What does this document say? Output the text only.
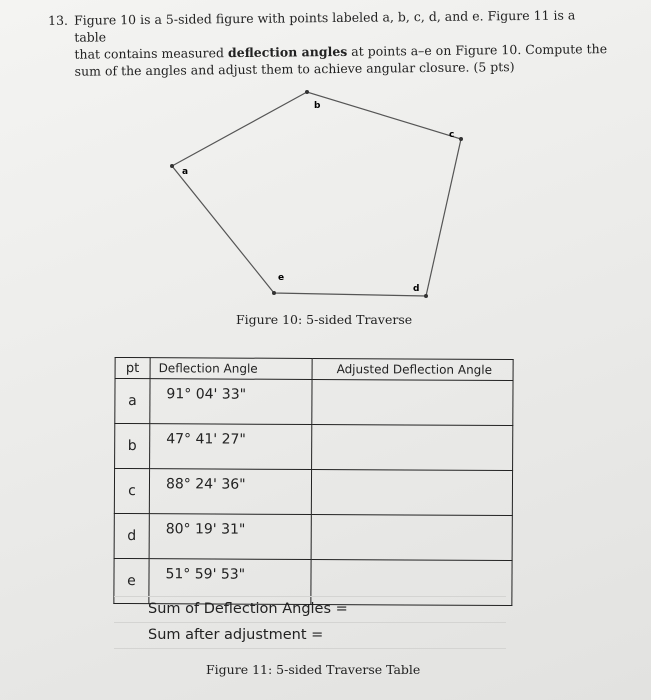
13. Figure 10 is a 5-sided figure with points labeled a, b, c, d, and e. Figure 11 is a table

that contains measured deflection angles at points a–e on Figure 10. Compute the

sum of the angles and adjust them to achieve angular closure. (5 pts)

a
b
c
d
e
Figure 10: 5-sided Traverse
pt	Deflection Angle	Adjusted Deflection Angle
a	91° 04' 33"	
b	47° 41' 27"	
c	88° 24' 36"	
d	80° 19' 31"	
e	51° 59' 53"	
Sum of Deflection Angles =
Sum after adjustment =
Figure 11: 5-sided Traverse Table
